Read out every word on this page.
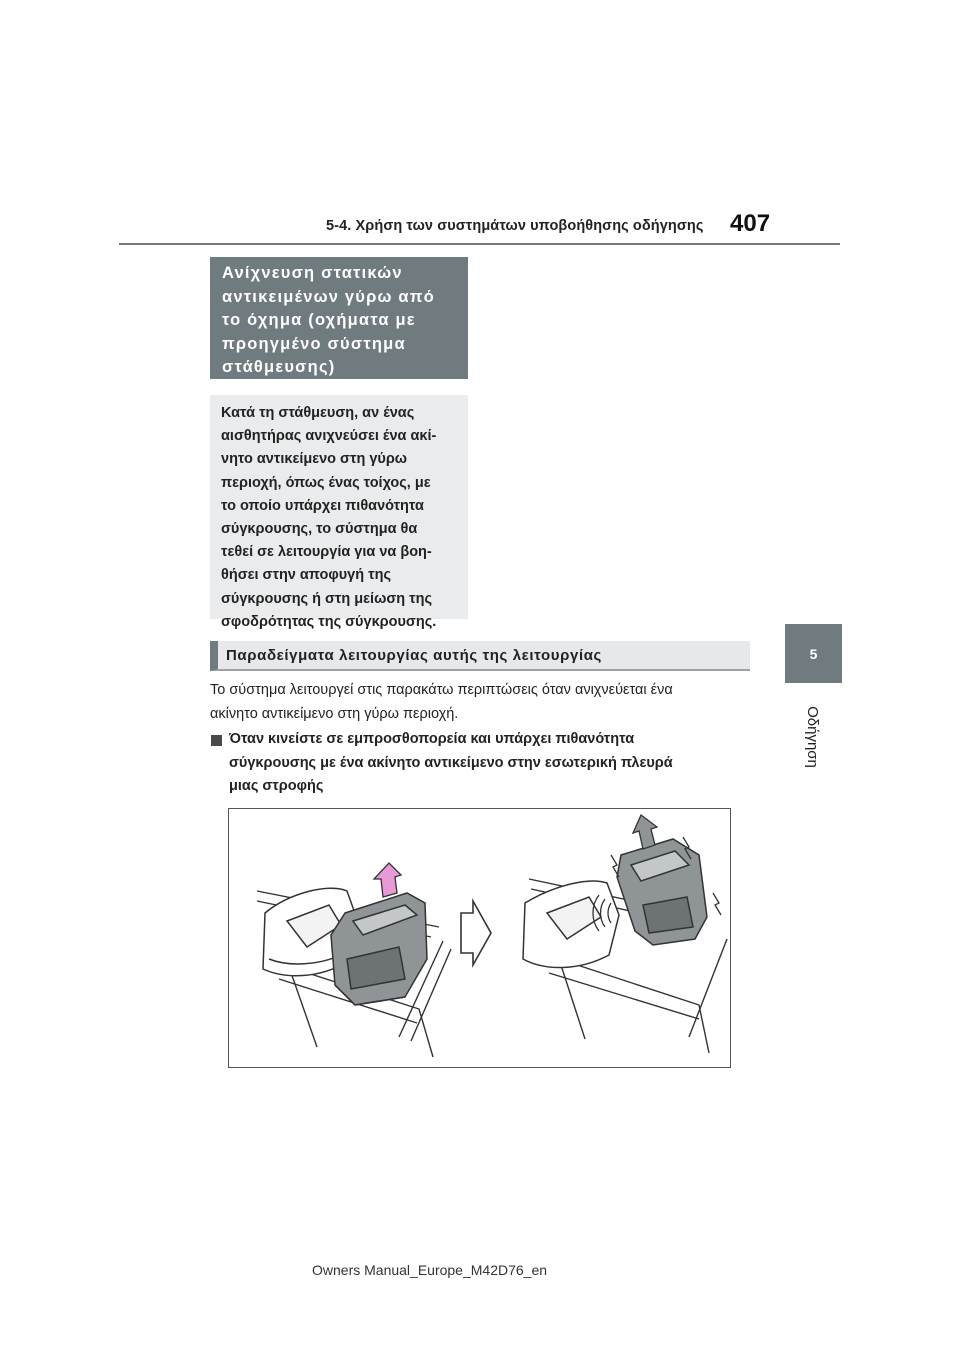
5-4. Χρήση των συστημάτων υποβοήθησης οδήγησης 407
5
Οδήγηση
Ανίχνευση στατικών
αντικειμένων γύρω από
το όχημα (οχήματα με
προηγμένο σύστημα
στάθμευσης)
Κατά τη στάθμευση, αν ένας
αισθητήρας ανιχνεύσει ένα ακί-
νητο αντικείμενο στη γύρω
περιοχή, όπως ένας τοίχος, με
το οποίο υπάρχει πιθανότητα
σύγκρουσης, το σύστημα θα
τεθεί σε λειτουργία για να βοη-
θήσει στην αποφυγή της
σύγκρουσης ή στη μείωση της
σφοδρότητας της σύγκρουσης.
Παραδείγματα λειτουργίας αυτής της λειτουργίας
Το σύστημα λειτουργεί στις παρακάτω περιπτώσεις όταν ανιχνεύεται ένα
ακίνητο αντικείμενο στη γύρω περιοχή.
Όταν κινείστε σε εμπροσθοπορεία και υπάρχει πιθανότητα
σύγκρουσης με ένα ακίνητο αντικείμενο στην εσωτερική πλευρά
μιας στροφής
Owners Manual_Europe_M42D76_en
